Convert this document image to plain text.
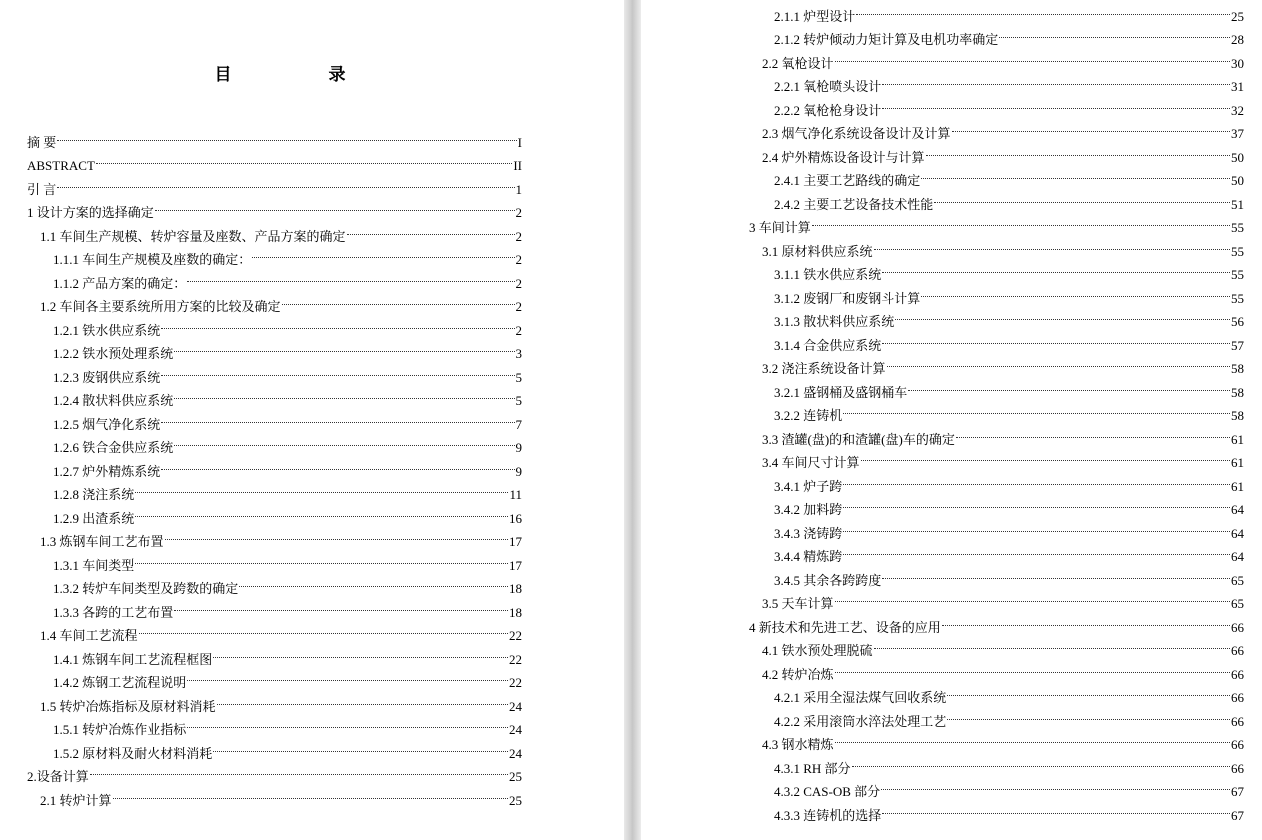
目　录
摘 要	I
ABSTRACT	II
引 言	1
1 设计方案的选择确定	2
1.1 车间生产规模、转炉容量及座数、产品方案的确定	2
1.1.1 车间生产规模及座数的确定：	2
1.1.2 产品方案的确定：	2
1.2 车间各主要系统所用方案的比较及确定	2
1.2.1 铁水供应系统	2
1.2.2 铁水预处理系统	3
1.2.3 废钢供应系统	5
1.2.4 散状料供应系统	5
1.2.5 烟气净化系统	7
1.2.6 铁合金供应系统	9
1.2.7 炉外精炼系统	9
1.2.8 浇注系统	11
1.2.9 出渣系统	16
1.3 炼钢车间工艺布置	17
1.3.1 车间类型	17
1.3.2 转炉车间类型及跨数的确定	18
1.3.3 各跨的工艺布置	18
1.4 车间工艺流程	22
1.4.1 炼钢车间工艺流程框图	22
1.4.2 炼钢工艺流程说明	22
1.5 转炉冶炼指标及原材料消耗	24
1.5.1 转炉冶炼作业指标	24
1.5.2 原材料及耐火材料消耗	24
2.设备计算	25
2.1 转炉计算	25
2.1.1 炉型设计	25
2.1.2 转炉倾动力矩计算及电机功率确定	28
2.2 氧枪设计	30
2.2.1 氧枪喷头设计	31
2.2.2 氧枪枪身设计	32
2.3 烟气净化系统设备设计及计算	37
2.4 炉外精炼设备设计与计算	50
2.4.1 主要工艺路线的确定	50
2.4.2 主要工艺设备技术性能	51
3 车间计算	55
3.1 原材料供应系统	55
3.1.1 铁水供应系统	55
3.1.2 废钢厂和废钢斗计算	55
3.1.3 散状料供应系统	56
3.1.4 合金供应系统	57
3.2 浇注系统设备计算	58
3.2.1 盛钢桶及盛钢桶车	58
3.2.2 连铸机	58
3.3 渣罐(盘)的和渣罐(盘)车的确定	61
3.4 车间尺寸计算	61
3.4.1 炉子跨	61
3.4.2 加料跨	64
3.4.3 浇铸跨	64
3.4.4 精炼跨	64
3.4.5 其余各跨跨度	65
3.5 天车计算	65
4 新技术和先进工艺、设备的应用	66
4.1 铁水预处理脱硫	66
4.2 转炉冶炼	66
4.2.1 采用全湿法煤气回收系统	66
4.2.2 采用滚筒水淬法处理工艺	66
4.3 钢水精炼	66
4.3.1 RH 部分	66
4.3.2 CAS-OB 部分	67
4.3.3 连铸机的选择	67
